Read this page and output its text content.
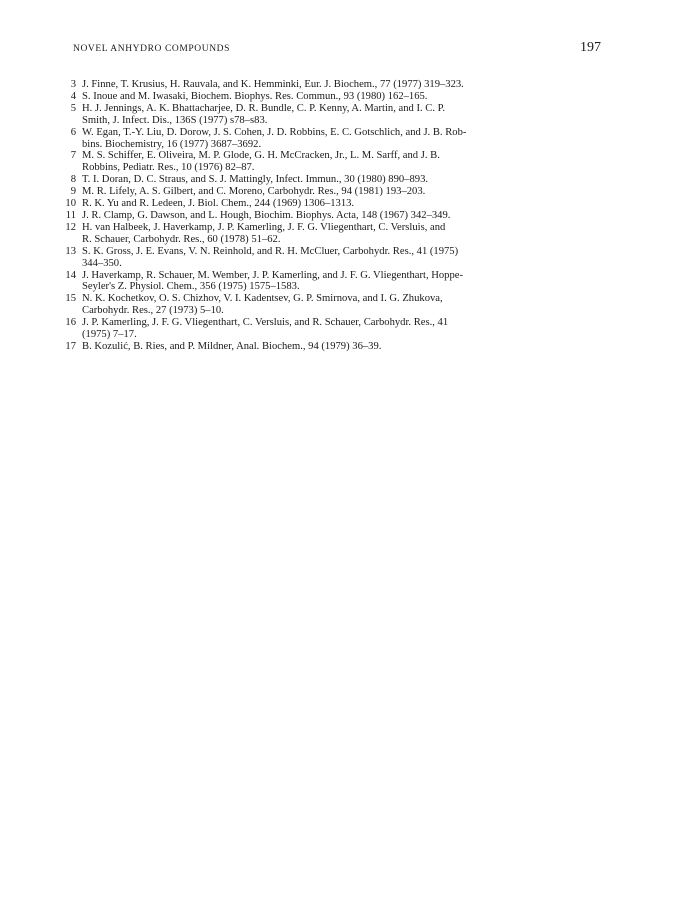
NOVEL ANHYDRO COMPOUNDS	197
3 J. Finne, T. Krusius, H. Rauvala, and K. Hemminki, Eur. J. Biochem., 77 (1977) 319–323.
4 S. Inoue and M. Iwasaki, Biochem. Biophys. Res. Commun., 93 (1980) 162–165.
5 H. J. Jennings, A. K. Bhattacharjee, D. R. Bundle, C. P. Kenny, A. Martin, and I. C. P.
Smith, J. Infect. Dis., 136S (1977) s78–s83.
6 W. Egan, T.-Y. Liu, D. Dorow, J. S. Cohen, J. D. Robbins, E. C. Gotschlich, and J. B. Rob-
bins. Biochemistry, 16 (1977) 3687–3692.
7 M. S. Schiffer, E. Oliveira, M. P. Glode, G. H. McCracken, Jr., L. M. Sarff, and J. B.
Robbins, Pediatr. Res., 10 (1976) 82–87.
8 T. I. Doran, D. C. Straus, and S. J. Mattingly, Infect. Immun., 30 (1980) 890–893.
9 M. R. Lifely, A. S. Gilbert, and C. Moreno, Carbohydr. Res., 94 (1981) 193–203.
10 R. K. Yu and R. Ledeen, J. Biol. Chem., 244 (1969) 1306–1313.
11 J. R. Clamp, G. Dawson, and L. Hough, Biochim. Biophys. Acta, 148 (1967) 342–349.
12 H. van Halbeek, J. Haverkamp, J. P. Kamerling, J. F. G. Vliegenthart, C. Versluis, and
R. Schauer, Carbohydr. Res., 60 (1978) 51–62.
13 S. K. Gross, J. E. Evans, V. N. Reinhold, and R. H. McCluer, Carbohydr. Res., 41 (1975)
344–350.
14 J. Haverkamp, R. Schauer, M. Wember, J. P. Kamerling, and J. F. G. Vliegenthart, Hoppe-
Seyler's Z. Physiol. Chem., 356 (1975) 1575–1583.
15 N. K. Kochetkov, O. S. Chizhov, V. I. Kadentsev, G. P. Smirnova, and I. G. Zhukova,
Carbohydr. Res., 27 (1973) 5–10.
16 J. P. Kamerling, J. F. G. Vliegenthart, C. Versluis, and R. Schauer, Carbohydr. Res., 41
(1975) 7–17.
17 B. Kozulić, B. Ries, and P. Mildner, Anal. Biochem., 94 (1979) 36–39.
